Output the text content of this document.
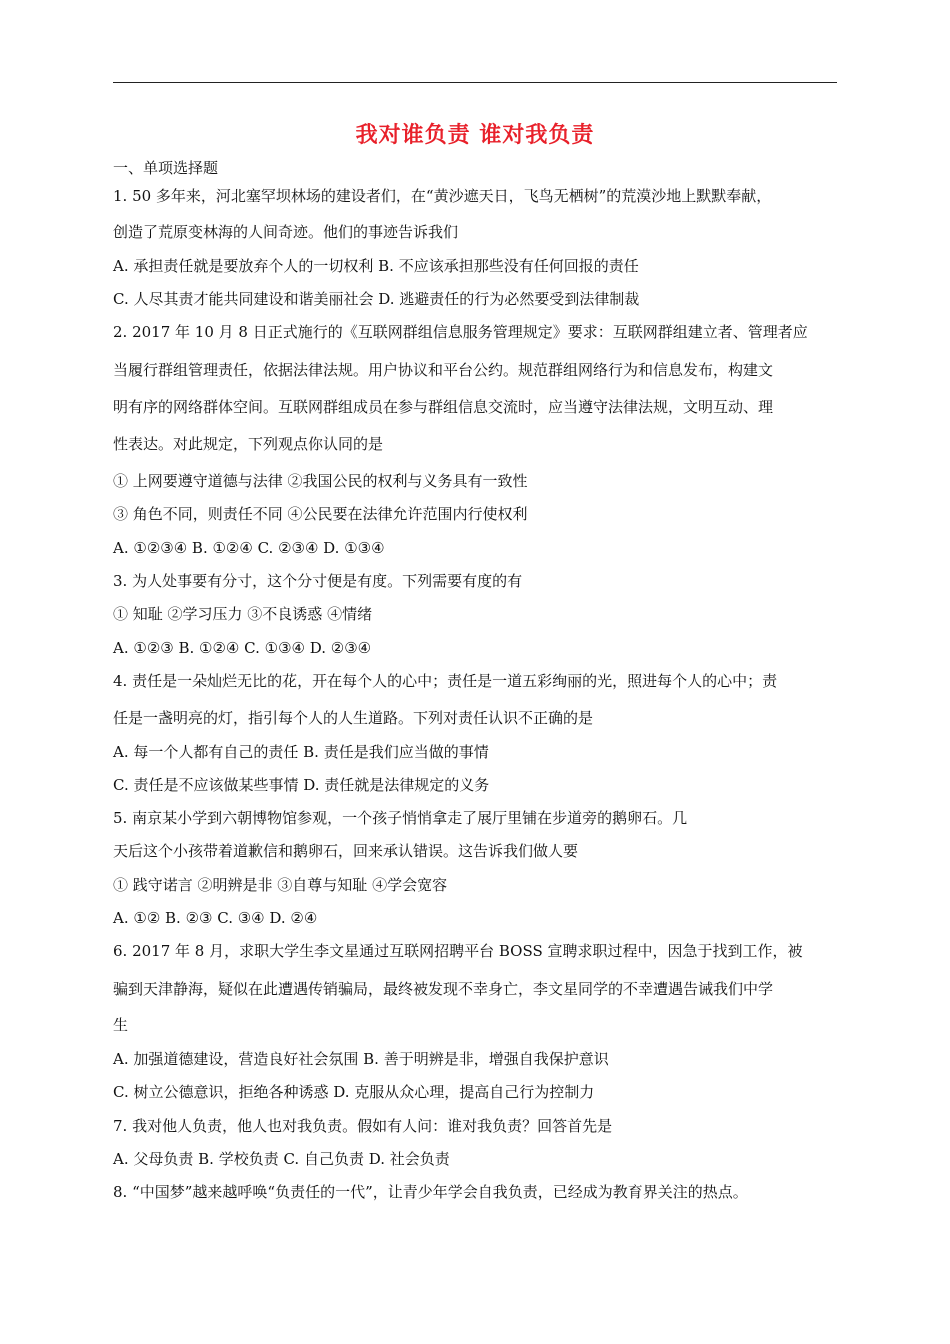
我对谁负责 谁对我负责
一、单项选择题
1. 50 多年来，河北塞罕坝林场的建设者们，在“黄沙遮天日，飞鸟无栖树”的荒漠沙地上默默奉献，
创造了荒原变林海的人间奇迹。他们的事迹告诉我们
A. 承担责任就是要放弃个人的一切权利 B. 不应该承担那些没有任何回报的责任
C. 人尽其责才能共同建设和谐美丽社会 D. 逃避责任的行为必然要受到法律制裁
2. 2017 年 10 月 8 日正式施行的《互联网群组信息服务管理规定》要求：互联网群组建立者、管理者应
当履行群组管理责任，依据法律法规。用户协议和平台公约。规范群组网络行为和信息发布，构建文
明有序的网络群体空间。互联网群组成员在参与群组信息交流时，应当遵守法律法规，文明互动、理
性表达。对此规定，下列观点你认同的是
① 上网要遵守道德与法律 ②我国公民的权利与义务具有一致性
③ 角色不同，则责任不同 ④公民要在法律允许范围内行使权利
A. ①②③④ B. ①②④ C. ②③④ D. ①③④
3. 为人处事要有分寸，这个分寸便是有度。下列需要有度的有
① 知耻 ②学习压力 ③不良诱惑 ④情绪
A. ①②③ B. ①②④ C. ①③④ D. ②③④
4. 责任是一朵灿烂无比的花，开在每个人的心中；责任是一道五彩绚丽的光，照进每个人的心中；责
任是一盏明亮的灯，指引每个人的人生道路。下列对责任认识不正确的是
A. 每一个人都有自己的责任 B. 责任是我们应当做的事情
C. 责任是不应该做某些事情 D. 责任就是法律规定的义务
5. 南京某小学到六朝博物馆参观，一个孩子悄悄拿走了展厅里铺在步道旁的鹅卵石。几
天后这个小孩带着道歉信和鹅卵石，回来承认错误。这告诉我们做人要
① 践守诺言 ②明辨是非 ③自尊与知耻 ④学会宽容
A. ①② B. ②③ C. ③④ D. ②④
6. 2017 年 8 月，求职大学生李文星通过互联网招聘平台 BOSS 宣聘求职过程中，因急于找到工作，被
骗到天津静海，疑似在此遭遇传销骗局，最终被发现不幸身亡，李文星同学的不幸遭遇告诫我们中学
生
A. 加强道德建设，营造良好社会氛围 B. 善于明辨是非，增强自我保护意识
C. 树立公德意识，拒绝各种诱惑 D. 克服从众心理，提高自己行为控制力
7. 我对他人负责，他人也对我负责。假如有人问：谁对我负责？回答首先是
A. 父母负责 B. 学校负责 C. 自己负责 D. 社会负责
8. “中国梦”越来越呼唤“负责任的一代”，让青少年学会自我负责，已经成为教育界关注的热点。
